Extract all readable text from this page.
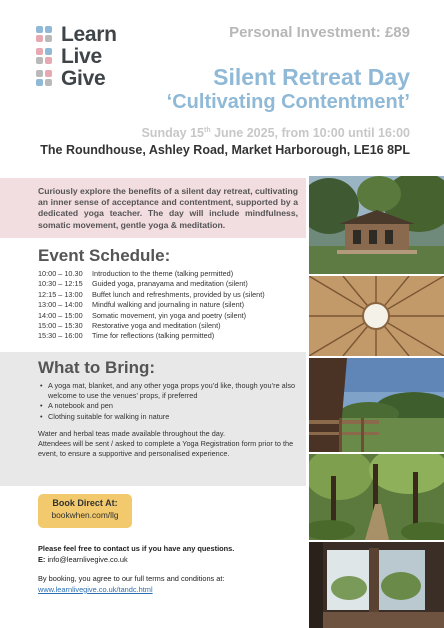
Learn
Live
Give
Personal Investment: £89
Silent Retreat Day
‘Cultivating Contentment’
Sunday 15th June 2025, from 10:00 until 16:00
The Roundhouse, Ashley Road, Market Harborough, LE16 8PL

Curiously explore the benefits of a silent day retreat, cultivating an inner sense of acceptance and contentment, supported by a dedicated yoga teacher. The day will include mindfulness, somatic movement, gentle yoga & meditation.

Event Schedule:
10:00 – 10.30	Introduction to the theme (talking permitted)
10:30 – 12:15	Guided yoga, pranayama and meditation (silent)
12:15 – 13:00	Buffet lunch and refreshments, provided by us (silent)
13:00 – 14:00	Mindful walking and journaling in nature (silent)
14:00 – 15:00	Somatic movement, yin yoga and poetry (silent)
15:00 – 15:30	Restorative yoga and meditation (silent)
15:30 – 16:00	Time for reflections (talking permitted)
What to Bring:
• A yoga mat, blanket, and any other yoga props you’d like, though you’re also welcome to use the venues’ props, if preferred
• A notebook and pen
• Clothing suitable for walking in nature
Water and herbal teas made available throughout the day.
Attendees will be sent / asked to complete a Yoga Registration form prior to the event, to ensure a supportive and personalised experience.
Book Direct At:
bookwhen.com/llg
Please feel free to contact us if you have any questions.
E: info@learnlivegive.co.uk
By booking, you agree to our full terms and conditions at:
www.learnlivegive.co.uk/tandc.html
